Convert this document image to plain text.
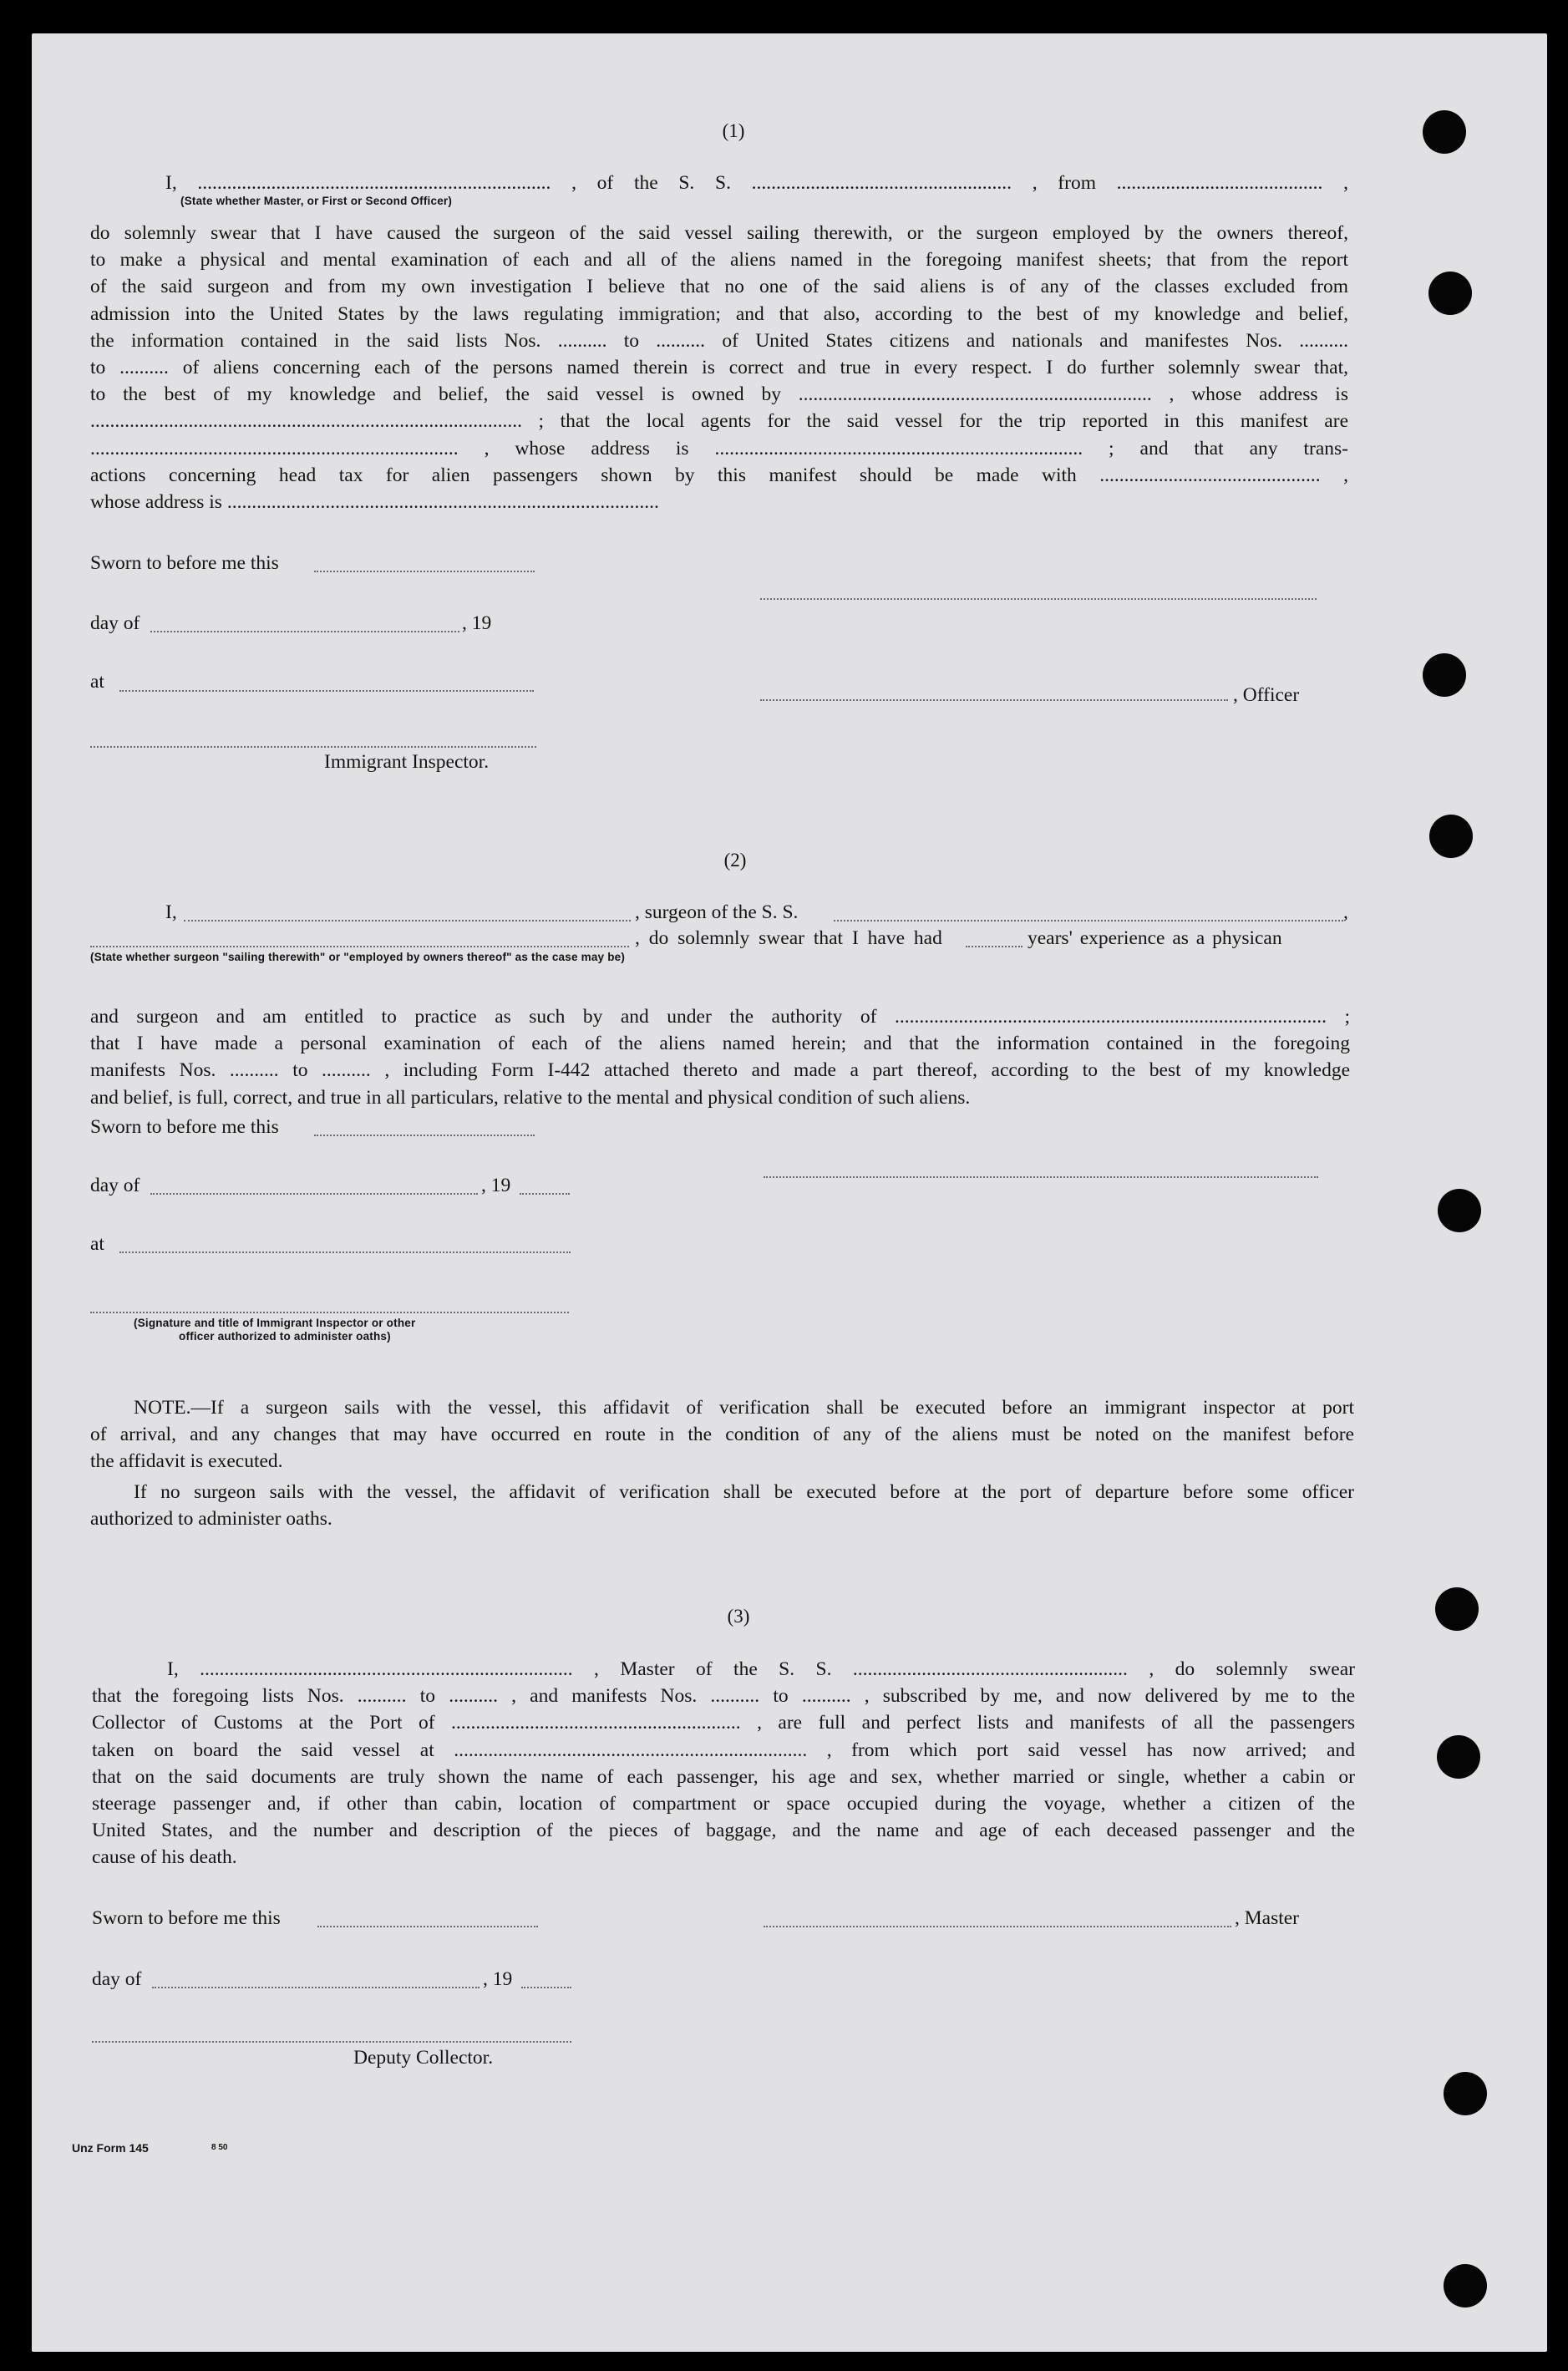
(1)
I, ........................................................................ , of the S. S. ..................................................... , from .......................................... ,
(State whether Master, or First or Second Officer)
do solemnly swear that I have caused the surgeon of the said vessel sailing therewith, or the surgeon employed by the owners thereof,
to make a physical and mental examination of each and all of the aliens named in the foregoing manifest sheets; that from the report
of the said surgeon and from my own investigation I believe that no one of the said aliens is of any of the classes excluded from
admission into the United States by the laws regulating immigration; and that also, according to the best of my knowledge and belief,
the information contained in the said lists Nos. .......... to .......... of United States citizens and nationals and manifestes Nos. ..........
to .......... of aliens concerning each of the persons named therein is correct and true in every respect. I do further solemnly swear that,
to the best of my knowledge and belief, the said vessel is owned by ........................................................................ , whose address is
........................................................................................ ; that the local agents for the said vessel for the trip reported in this manifest are
........................................................................... , whose address is ........................................................................... ; and that any trans-
actions concerning head tax for alien passengers shown by this manifest should be made with ............................................. ,
whose address is ........................................................................................
Sworn to before me this
day of	, 19
at
, Officer
Immigrant Inspector.
(2)
I,	, surgeon of the S. S.	,
, do solemnly swear that I have had	years' experience as a physican
(State whether surgeon "sailing therewith" or "employed by owners thereof" as the case may be)
and surgeon and am entitled to practice as such by and under the authority of ........................................................................................ ;
that I have made a personal examination of each of the aliens named herein; and that the information contained in the foregoing
manifests Nos. .......... to .......... , including Form I-442 attached thereto and made a part thereof, according to the best of my knowledge
and belief, is full, correct, and true in all particulars, relative to the mental and physical condition of such aliens.
Sworn to before me this
day of	, 19
at
(Signature and title of Immigrant Inspector or other
officer authorized to administer oaths)
NOTE.—If a surgeon sails with the vessel, this affidavit of verification shall be executed before an immigrant inspector at port
of arrival, and any changes that may have occurred en route in the condition of any of the aliens must be noted on the manifest before
the affidavit is executed.
If no surgeon sails with the vessel, the affidavit of verification shall be executed before at the port of departure before some officer
authorized to administer oaths.
(3)
I, ............................................................................ , Master of the S. S. ........................................................ , do solemnly swear
that the foregoing lists Nos. .......... to .......... , and manifests Nos. .......... to .......... , subscribed by me, and now delivered by me to the
Collector of Customs at the Port of ........................................................... , are full and perfect lists and manifests of all the passengers
taken on board the said vessel at ........................................................................ , from which port said vessel has now arrived; and
that on the said documents are truly shown the name of each passenger, his age and sex, whether married or single, whether a cabin or
steerage passenger and, if other than cabin, location of compartment or space occupied during the voyage, whether a citizen of the
United States, and the number and description of the pieces of baggage, and the name and age of each deceased passenger and the
cause of his death.
Sworn to before me this	, Master
day of	, 19
Deputy Collector.
Unz Form 145	8 50
